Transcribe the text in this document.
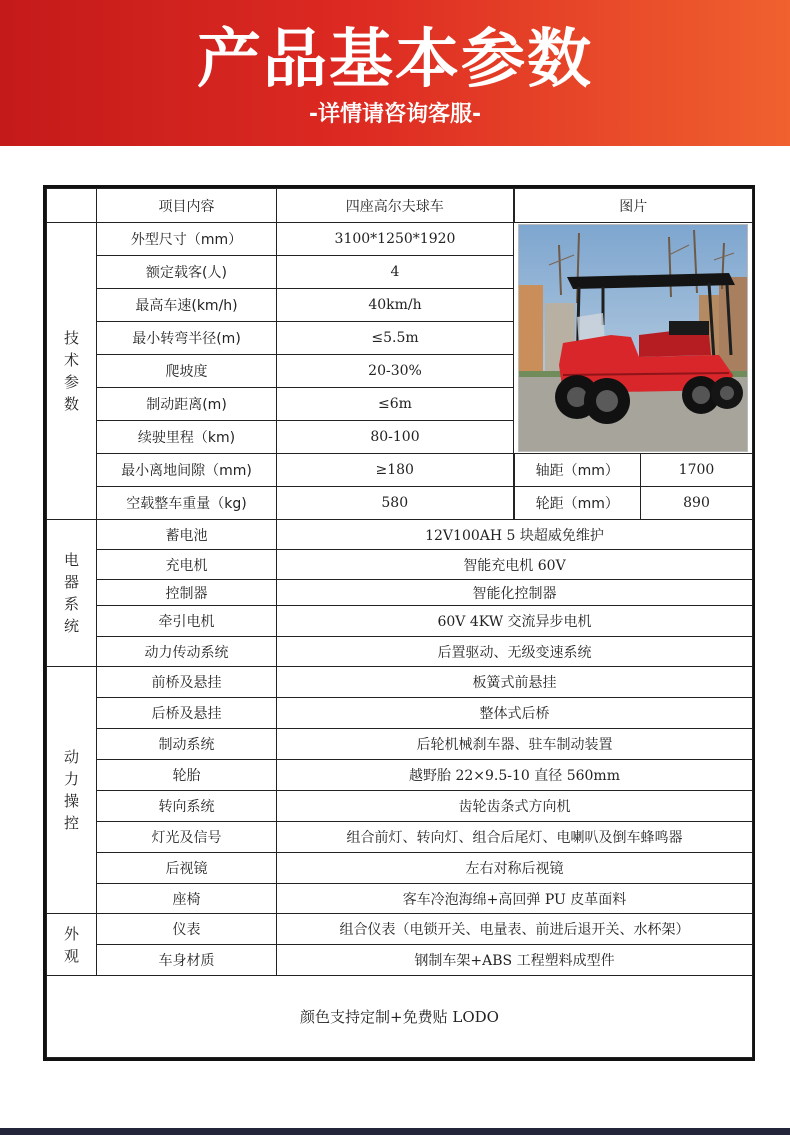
产品基本参数
-详情请咨询客服-
	项目内容	四座高尔夫球车	图片	
技术参数	外型尺寸（mm）	3100*1250*1920	

	额定载客(人)	4		
	最高车速(km/h)	40km/h		
	最小转弯半径(m)	≤5.5m		
	爬坡度	20-30%		
	制动距离(m)	≤6m		
	续驶里程（km)	80-100		
	最小离地间隙（mm)	≥180	轴距（mm）	1700
	空载整车重量（kg)	580	轮距（mm）	890
电器系统	蓄电池	12V100AH 5 块超威免维护		
	充电机	智能充电机 60V		
	控制器	智能化控制器		
	牵引电机	60V 4KW 交流异步电机		
	动力传动系统	后置驱动、无级变速系统		
动力操控	前桥及悬挂	板簧式前悬挂		
	后桥及悬挂	整体式后桥		
	制动系统	后轮机械刹车器、驻车制动装置		
	轮胎	越野胎 22×9.5-10 直径 560mm		
	转向系统	齿轮齿条式方向机		
	灯光及信号	组合前灯、转向灯、组合后尾灯、电喇叭及倒车蜂鸣器		
	后视镜	左右对称后视镜		
	座椅	客车冷泡海绵+高回弹 PU 皮革面料		
外观	仪表	组合仪表（电锁开关、电量表、前进后退开关、水杯架）		
	车身材质	钢制车架+ABS 工程塑料成型件		
颜色支持定制+免费贴 LODO				
